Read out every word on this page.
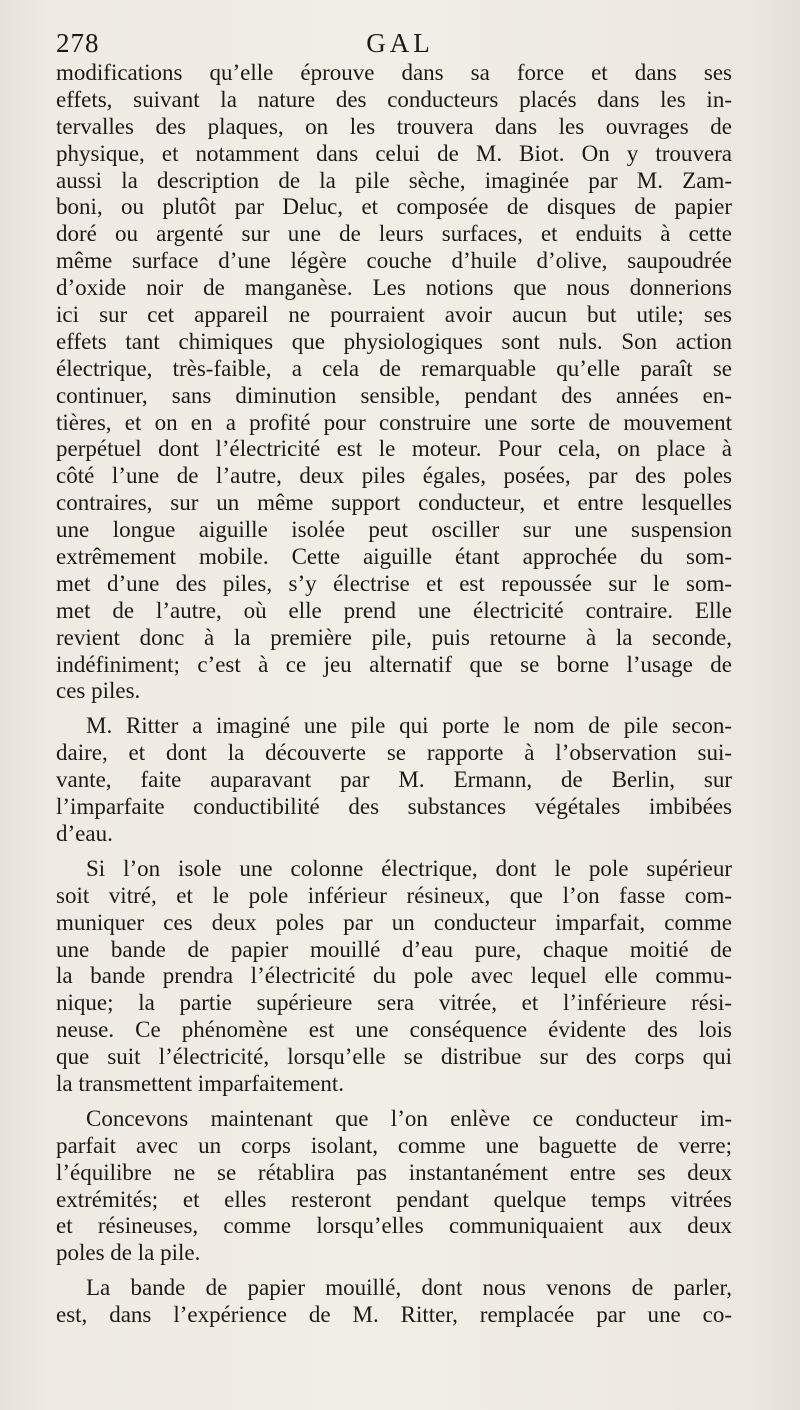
278	GAL
modifications qu’elle éprouve dans sa force et dans ses
effets, suivant la nature des conducteurs placés dans les in-
tervalles des plaques, on les trouvera dans les ouvrages de
physique, et notamment dans celui de M. Biot. On y trouvera
aussi la description de la pile sèche, imaginée par M. Zam-
boni, ou plutôt par Deluc, et composée de disques de papier
doré ou argenté sur une de leurs surfaces, et enduits à cette
même surface d’une légère couche d’huile d’olive, saupoudrée
d’oxide noir de manganèse. Les notions que nous donnerions
ici sur cet appareil ne pourraient avoir aucun but utile; ses
effets tant chimiques que physiologiques sont nuls. Son action
électrique, très-faible, a cela de remarquable qu’elle paraît se
continuer, sans diminution sensible, pendant des années en-
tières, et on en a profité pour construire une sorte de mouvement
perpétuel dont l’électricité est le moteur. Pour cela, on place à
côté l’une de l’autre, deux piles égales, posées, par des poles
contraires, sur un même support conducteur, et entre lesquelles
une longue aiguille isolée peut osciller sur une suspension
extrêmement mobile. Cette aiguille étant approchée du som-
met d’une des piles, s’y électrise et est repoussée sur le som-
met de l’autre, où elle prend une électricité contraire. Elle
revient donc à la première pile, puis retourne à la seconde,
indéfiniment; c’est à ce jeu alternatif que se borne l’usage de
ces piles.
M. Ritter a imaginé une pile qui porte le nom de pile secon-
daire, et dont la découverte se rapporte à l’observation sui-
vante, faite auparavant par M. Ermann, de Berlin, sur
l’imparfaite conductibilité des substances végétales imbibées
d’eau.
Si l’on isole une colonne électrique, dont le pole supérieur
soit vitré, et le pole inférieur résineux, que l’on fasse com-
muniquer ces deux poles par un conducteur imparfait, comme
une bande de papier mouillé d’eau pure, chaque moitié de
la bande prendra l’électricité du pole avec lequel elle commu-
nique; la partie supérieure sera vitrée, et l’inférieure rési-
neuse. Ce phénomène est une conséquence évidente des lois
que suit l’électricité, lorsqu’elle se distribue sur des corps qui
la transmettent imparfaitement.
Concevons maintenant que l’on enlève ce conducteur im-
parfait avec un corps isolant, comme une baguette de verre;
l’équilibre ne se rétablira pas instantanément entre ses deux
extrémités; et elles resteront pendant quelque temps vitrées
et résineuses, comme lorsqu’elles communiquaient aux deux
poles de la pile.
La bande de papier mouillé, dont nous venons de parler,
est, dans l’expérience de M. Ritter, remplacée par une co-
